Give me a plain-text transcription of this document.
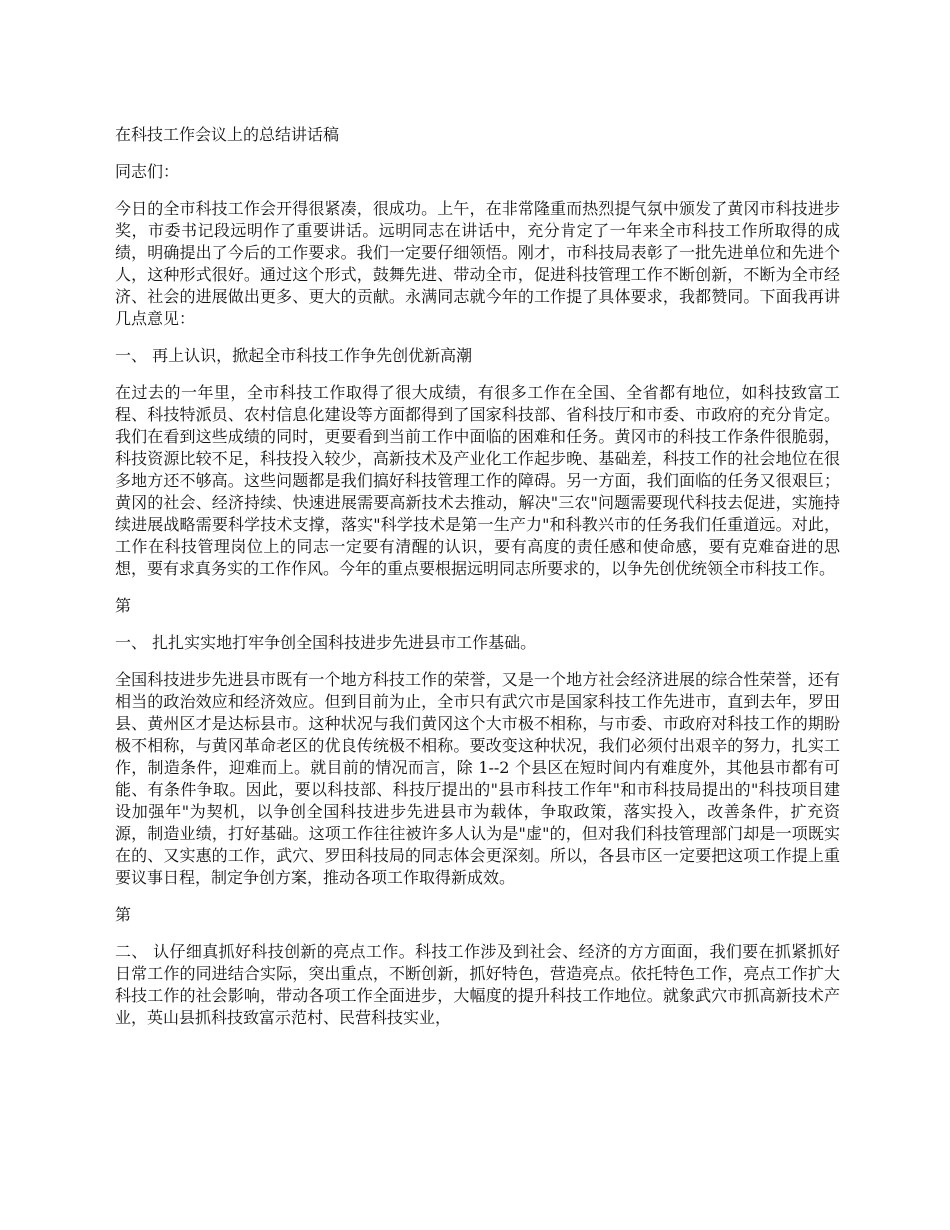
在科技工作会议上的总结讲话稿

同志们：

今日的全市科技工作会开得很紧凑，很成功。上午，在非常隆重而热烈提气氛中颁发了黄冈市科技进步奖，市委书记段远明作了重要讲话。远明同志在讲话中，充分肯定了一年来全市科技工作所取得的成绩，明确提出了今后的工作要求。我们一定要仔细领悟。刚才，市科技局表彰了一批先进单位和先进个人，这种形式很好。通过这个形式，鼓舞先进、带动全市，促进科技管理工作不断创新，不断为全市经济、社会的进展做出更多、更大的贡献。永满同志就今年的工作提了具体要求，我都赞同。下面我再讲几点意见：

一、 再上认识，掀起全市科技工作争先创优新高潮

在过去的一年里，全市科技工作取得了很大成绩，有很多工作在全国、全省都有地位，如科技致富工程、科技特派员、农村信息化建设等方面都得到了国家科技部、省科技厅和市委、市政府的充分肯定。我们在看到这些成绩的同时，更要看到当前工作中面临的困难和任务。黄冈市的科技工作条件很脆弱，科技资源比较不足，科技投入较少，高新技术及产业化工作起步晚、基础差，科技工作的社会地位在很多地方还不够高。这些问题都是我们搞好科技管理工作的障碍。另一方面，我们面临的任务又很艰巨；黄冈的社会、经济持续、快速进展需要高新技术去推动，解决"三农"问题需要现代科技去促进，实施持续进展战略需要科学技术支撑，落实"科学技术是第一生产力"和科教兴市的任务我们任重道远。对此，工作在科技管理岗位上的同志一定要有清醒的认识，要有高度的责任感和使命感，要有克难奋进的思想，要有求真务实的工作作风。今年的重点要根据远明同志所要求的，以争先创优统领全市科技工作。

第

一、 扎扎实实地打牢争创全国科技进步先进县市工作基础。

全国科技进步先进县市既有一个地方科技工作的荣誉，又是一个地方社会经济进展的综合性荣誉，还有相当的政治效应和经济效应。但到目前为止，全市只有武穴市是国家科技工作先进市，直到去年，罗田县、黄州区才是达标县市。这种状况与我们黄冈这个大市极不相称，与市委、市政府对科技工作的期盼极不相称，与黄冈革命老区的优良传统极不相称。要改变这种状况，我们必须付出艰辛的努力，扎实工作，制造条件，迎难而上。就目前的情况而言，除 1--2 个县区在短时间内有难度外，其他县市都有可能、有条件争取。因此，要以科技部、科技厅提出的"县市科技工作年"和市科技局提出的"科技项目建设加强年"为契机，以争创全国科技进步先进县市为载体，争取政策，落实投入，改善条件，扩充资源，制造业绩，打好基础。这项工作往往被许多人认为是"虚"的，但对我们科技管理部门却是一项既实在的、又实惠的工作，武穴、罗田科技局的同志体会更深刻。所以，各县市区一定要把这项工作提上重要议事日程，制定争创方案，推动各项工作取得新成效。

第

二、 认仔细真抓好科技创新的亮点工作。科技工作涉及到社会、经济的方方面面，我们要在抓紧抓好日常工作的同进结合实际，突出重点，不断创新，抓好特色，营造亮点。依托特色工作，亮点工作扩大科技工作的社会影响，带动各项工作全面进步，大幅度的提升科技工作地位。就象武穴市抓高新技术产业，英山县抓科技致富示范村、民营科技实业，
